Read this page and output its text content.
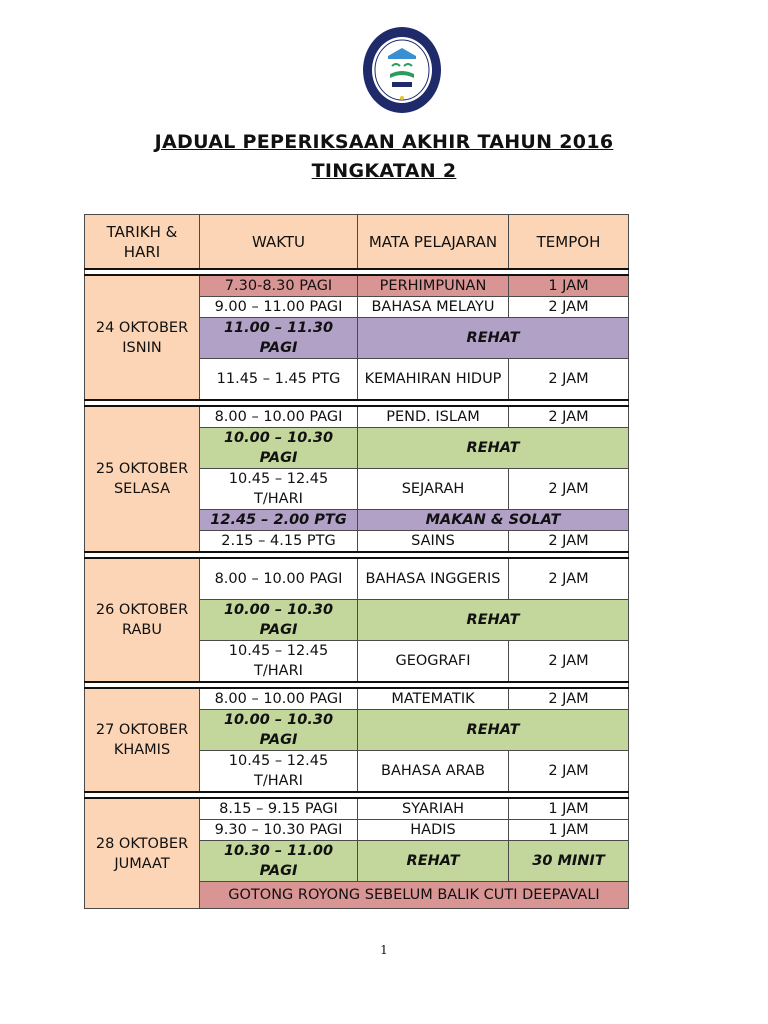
JADUAL PEPERIKSAAN AKHIR TAHUN 2016
TINGKATAN 2
TARIKH & HARI	WAKTU	MATA PELAJARAN	TEMPOH

24 OKTOBER
ISNIN	7.30-8.30 PAGI	PERHIMPUNAN	1 JAM
	9.00 – 11.00 PAGI	BAHASA MELAYU	2 JAM
	11.00 – 11.30 PAGI	REHAT	
	11.45 – 1.45 PTG	KEMAHIRAN HIDUP	2 JAM

25 OKTOBER
SELASA	8.00 – 10.00 PAGI	PEND. ISLAM	2 JAM
	10.00 – 10.30 PAGI	REHAT	
	10.45 – 12.45 T/HARI	SEJARAH	2 JAM
	12.45 – 2.00 PTG	MAKAN & SOLAT	
	2.15 – 4.15 PTG	SAINS	2 JAM

26 OKTOBER
RABU	8.00 – 10.00 PAGI	BAHASA INGGERIS	2 JAM
	10.00 – 10.30 PAGI	REHAT	
	10.45 – 12.45 T/HARI	GEOGRAFI	2 JAM

27 OKTOBER
KHAMIS	8.00 – 10.00 PAGI	MATEMATIK	2 JAM
	10.00 – 10.30 PAGI	REHAT	
	10.45 – 12.45 T/HARI	BAHASA ARAB	2 JAM

28 OKTOBER
JUMAAT	8.15 – 9.15 PAGI	SYARIAH	1 JAM
	9.30 – 10.30 PAGI	HADIS	1 JAM
	10.30 – 11.00 PAGI	REHAT	30 MINIT
	GOTONG ROYONG SEBELUM BALIK CUTI DEEPAVALI		
1
